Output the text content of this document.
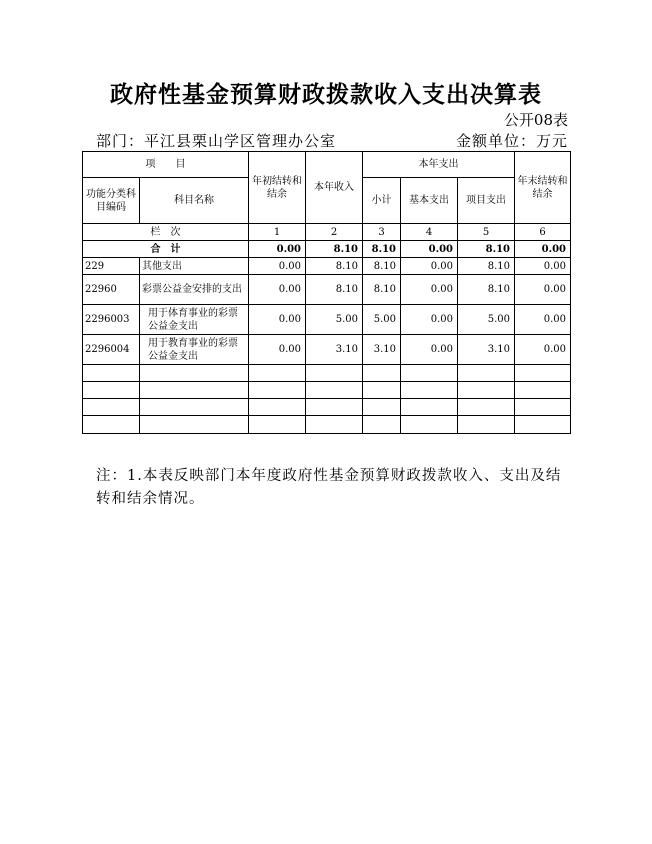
政府性基金预算财政拨款收入支出决算表
公开08表
部门：平江县栗山学区管理办公室	金额单位：万元
项　　目		年初结转和结余	本年收入	本年支出			年末结转和结余
功能分类科目编码	科目名称			小计	基本支出	项目支出	
栏　次		1	2	3	4	5	6
合　计		0.00	8.10	8.10	0.00	8.10	0.00
229	其他支出	0.00	8.10	8.10	0.00	8.10	0.00
22960	彩票公益金安排的支出	0.00	8.10	8.10	0.00	8.10	0.00
2296003	用于体育事业的彩票公益金支出	0.00	5.00	5.00	0.00	5.00	0.00
2296004	用于教育事业的彩票公益金支出	0.00	3.10	3.10	0.00	3.10	0.00

注：1.本表反映部门本年度政府性基金预算财政拨款收入、支出及结转和结余情况。
